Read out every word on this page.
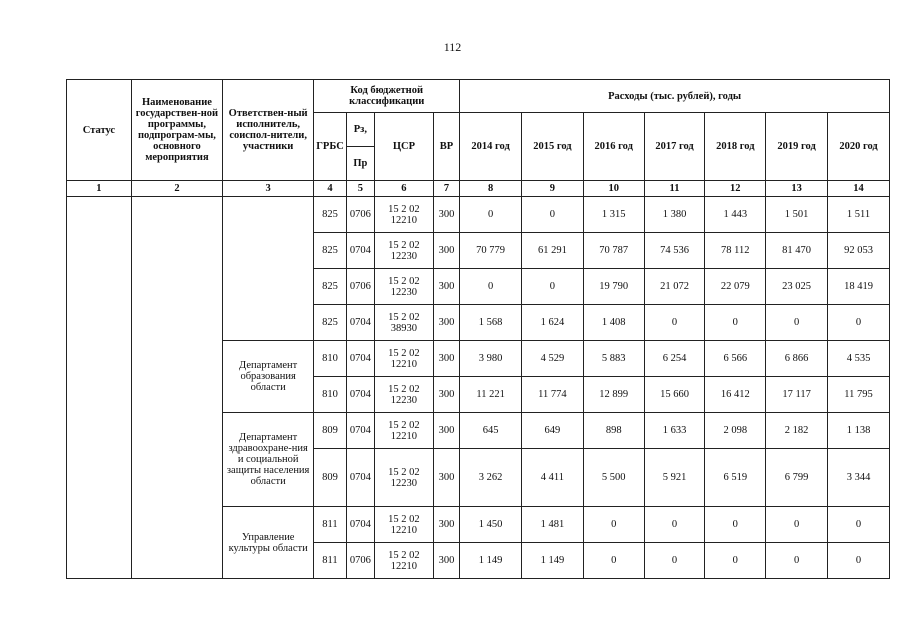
112
Статус	Наименование государствен-ной программы, подпрограм-мы, основного мероприятия	Ответствен-ный исполнитель, соиспол-нители, участники	Код бюджетной классификации				Расходы (тыс. рублей), годы						
			ГРБС	Рз,	ЦСР	ВР	2014 год	2015 год	2016 год	2017 год	2018 год	2019 год	2020 год
				Пр									
1	2	3	4	5	6	7	8	9	10	11	12	13	14
			825	0706	15 2 02 12210	300	0	0	1 315	1 380	1 443	1 501	1 511
			825	0704	15 2 02 12230	300	70 779	61 291	70 787	74 536	78 112	81 470	92 053
			825	0706	15 2 02 12230	300	0	0	19 790	21 072	22 079	23 025	18 419
			825	0704	15 2 02 38930	300	1 568	1 624	1 408	0	0	0	0
		Департамент образования области	810	0704	15 2 02 12210	300	3 980	4 529	5 883	6 254	6 566	6 866	4 535
			810	0704	15 2 02 12230	300	11 221	11 774	12 899	15 660	16 412	17 117	11 795
		Департамент здравоохране-ния и социальной защиты населения области	809	0704	15 2 02 12210	300	645	649	898	1 633	2 098	2 182	1 138
			809	0704	15 2 02 12230	300	3 262	4 411	5 500	5 921	6 519	6 799	3 344
		Управление культуры области	811	0704	15 2 02 12210	300	1 450	1 481	0	0	0	0	0
			811	0706	15 2 02 12210	300	1 149	1 149	0	0	0	0	0
